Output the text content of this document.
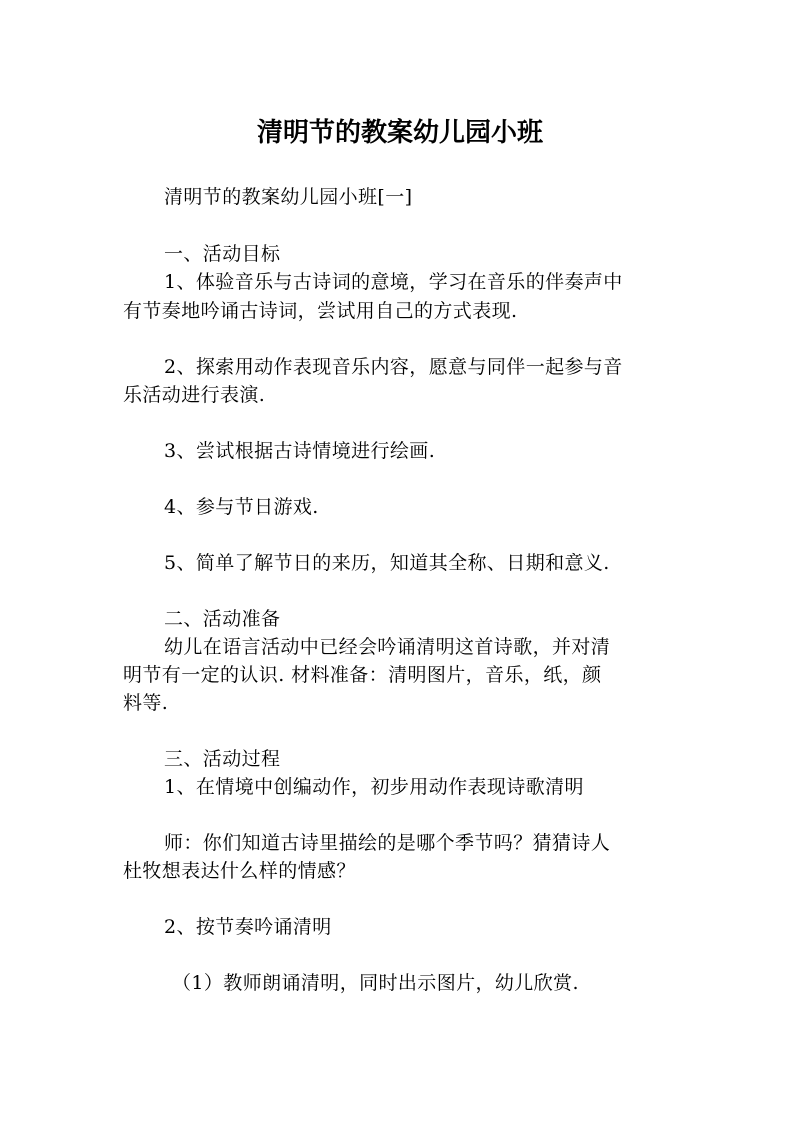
清明节的教案幼儿园小班
清明节的教案幼儿园小班[一]
一、活动目标
1、体验音乐与古诗词的意境，学习在音乐的伴奏声中
有节奏地吟诵古诗词，尝试用自己的方式表现.
2、探索用动作表现音乐内容，愿意与同伴一起参与音
乐活动进行表演.
3、尝试根据古诗情境进行绘画.
4、参与节日游戏.
5、简单了解节日的来历，知道其全称、日期和意义.
二、活动准备
幼儿在语言活动中已经会吟诵清明这首诗歌，并对清
明节有一定的认识. 材料准备：清明图片，音乐，纸，颜
料等.
三、活动过程
1、在情境中创编动作，初步用动作表现诗歌清明
师：你们知道古诗里描绘的是哪个季节吗？猜猜诗人
杜牧想表达什么样的情感？
2、按节奏吟诵清明
（1）教师朗诵清明，同时出示图片，幼儿欣赏.
